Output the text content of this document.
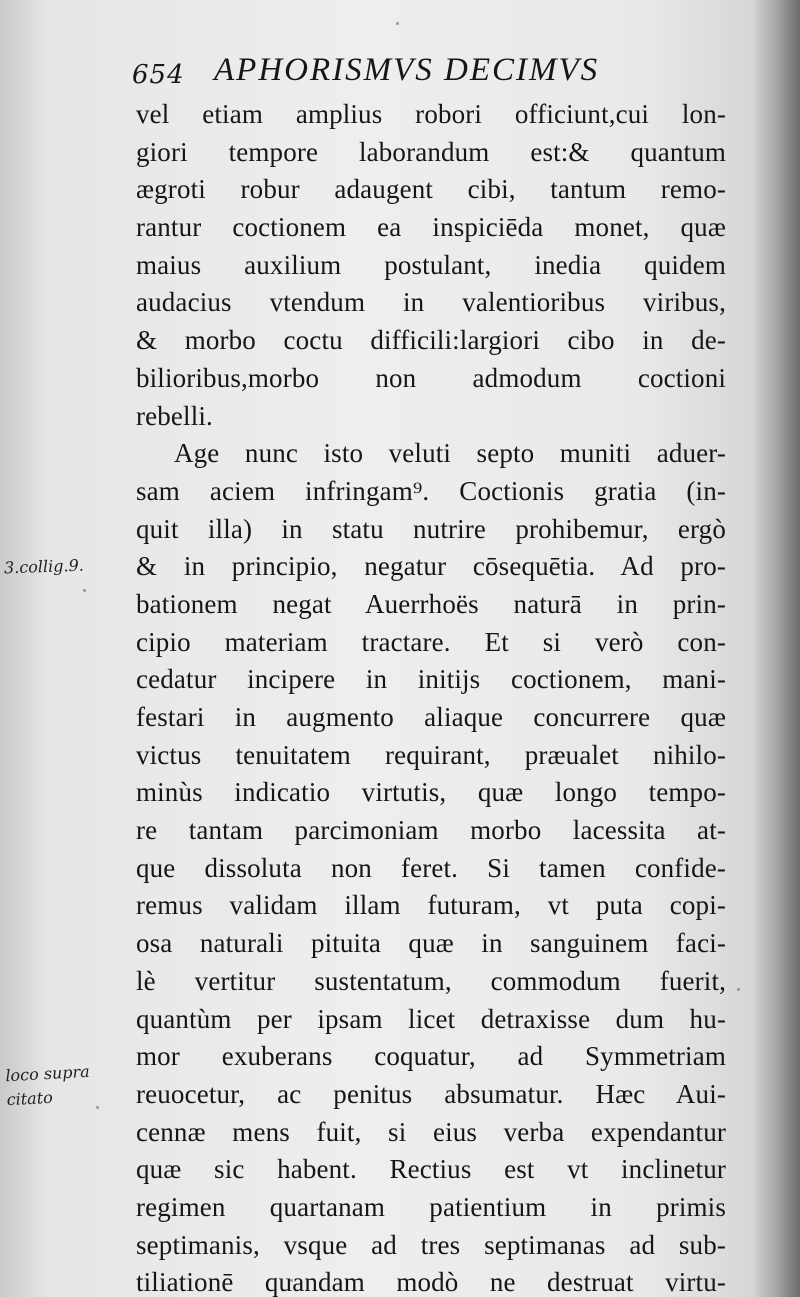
654 APHORISMVS DECIMVS
vel etiam amplius robori officiunt,cui lon-
giori tempore laborandum est:& quantum
ægroti robur adaugent cibi, tantum remo-
rantur coctionem ea inspiciēda monet, quæ
maius auxilium postulant, inedia quidem
audacius vtendum in valentioribus viribus,
& morbo coctu difficili:largiori cibo in de-
bilioribus,morbo non admodum coctioni
rebelli.
Age nunc isto veluti septo muniti aduer-
sam aciem infringam⁹. Coctionis gratia (in-
quit illa) in statu nutrire prohibemur, ergò
& in principio, negatur cōsequētia. Ad pro-
bationem negat Auerrhoës naturā in prin-
cipio materiam tractare. Et si verò con-
cedatur incipere in initijs coctionem, mani-
festari in augmento aliaque concurrere quæ
victus tenuitatem requirant, præualet nihilo-
minùs indicatio virtutis, quæ longo tempo-
re tantam parcimoniam morbo lacessita at-
que dissoluta non feret. Si tamen confide-
remus validam illam futuram, vt puta copi-
osa naturali pituita quæ in sanguinem faci-
lè vertitur sustentatum, commodum fuerit,
quantùm per ipsam licet detraxisse dum hu-
mor exuberans coquatur, ad Symmetriam
reuocetur, ac penitus absumatur. Hæc Aui-
cennæ mens fuit, si eius verba expendantur
quæ sic habent. Rectius est vt inclinetur
regimen quartanam patientium in primis
septimanis, vsque ad tres septimanas ad sub-
tiliationē quandam modò ne destruat virtu-
3.collig.9.
loco supra
citato
